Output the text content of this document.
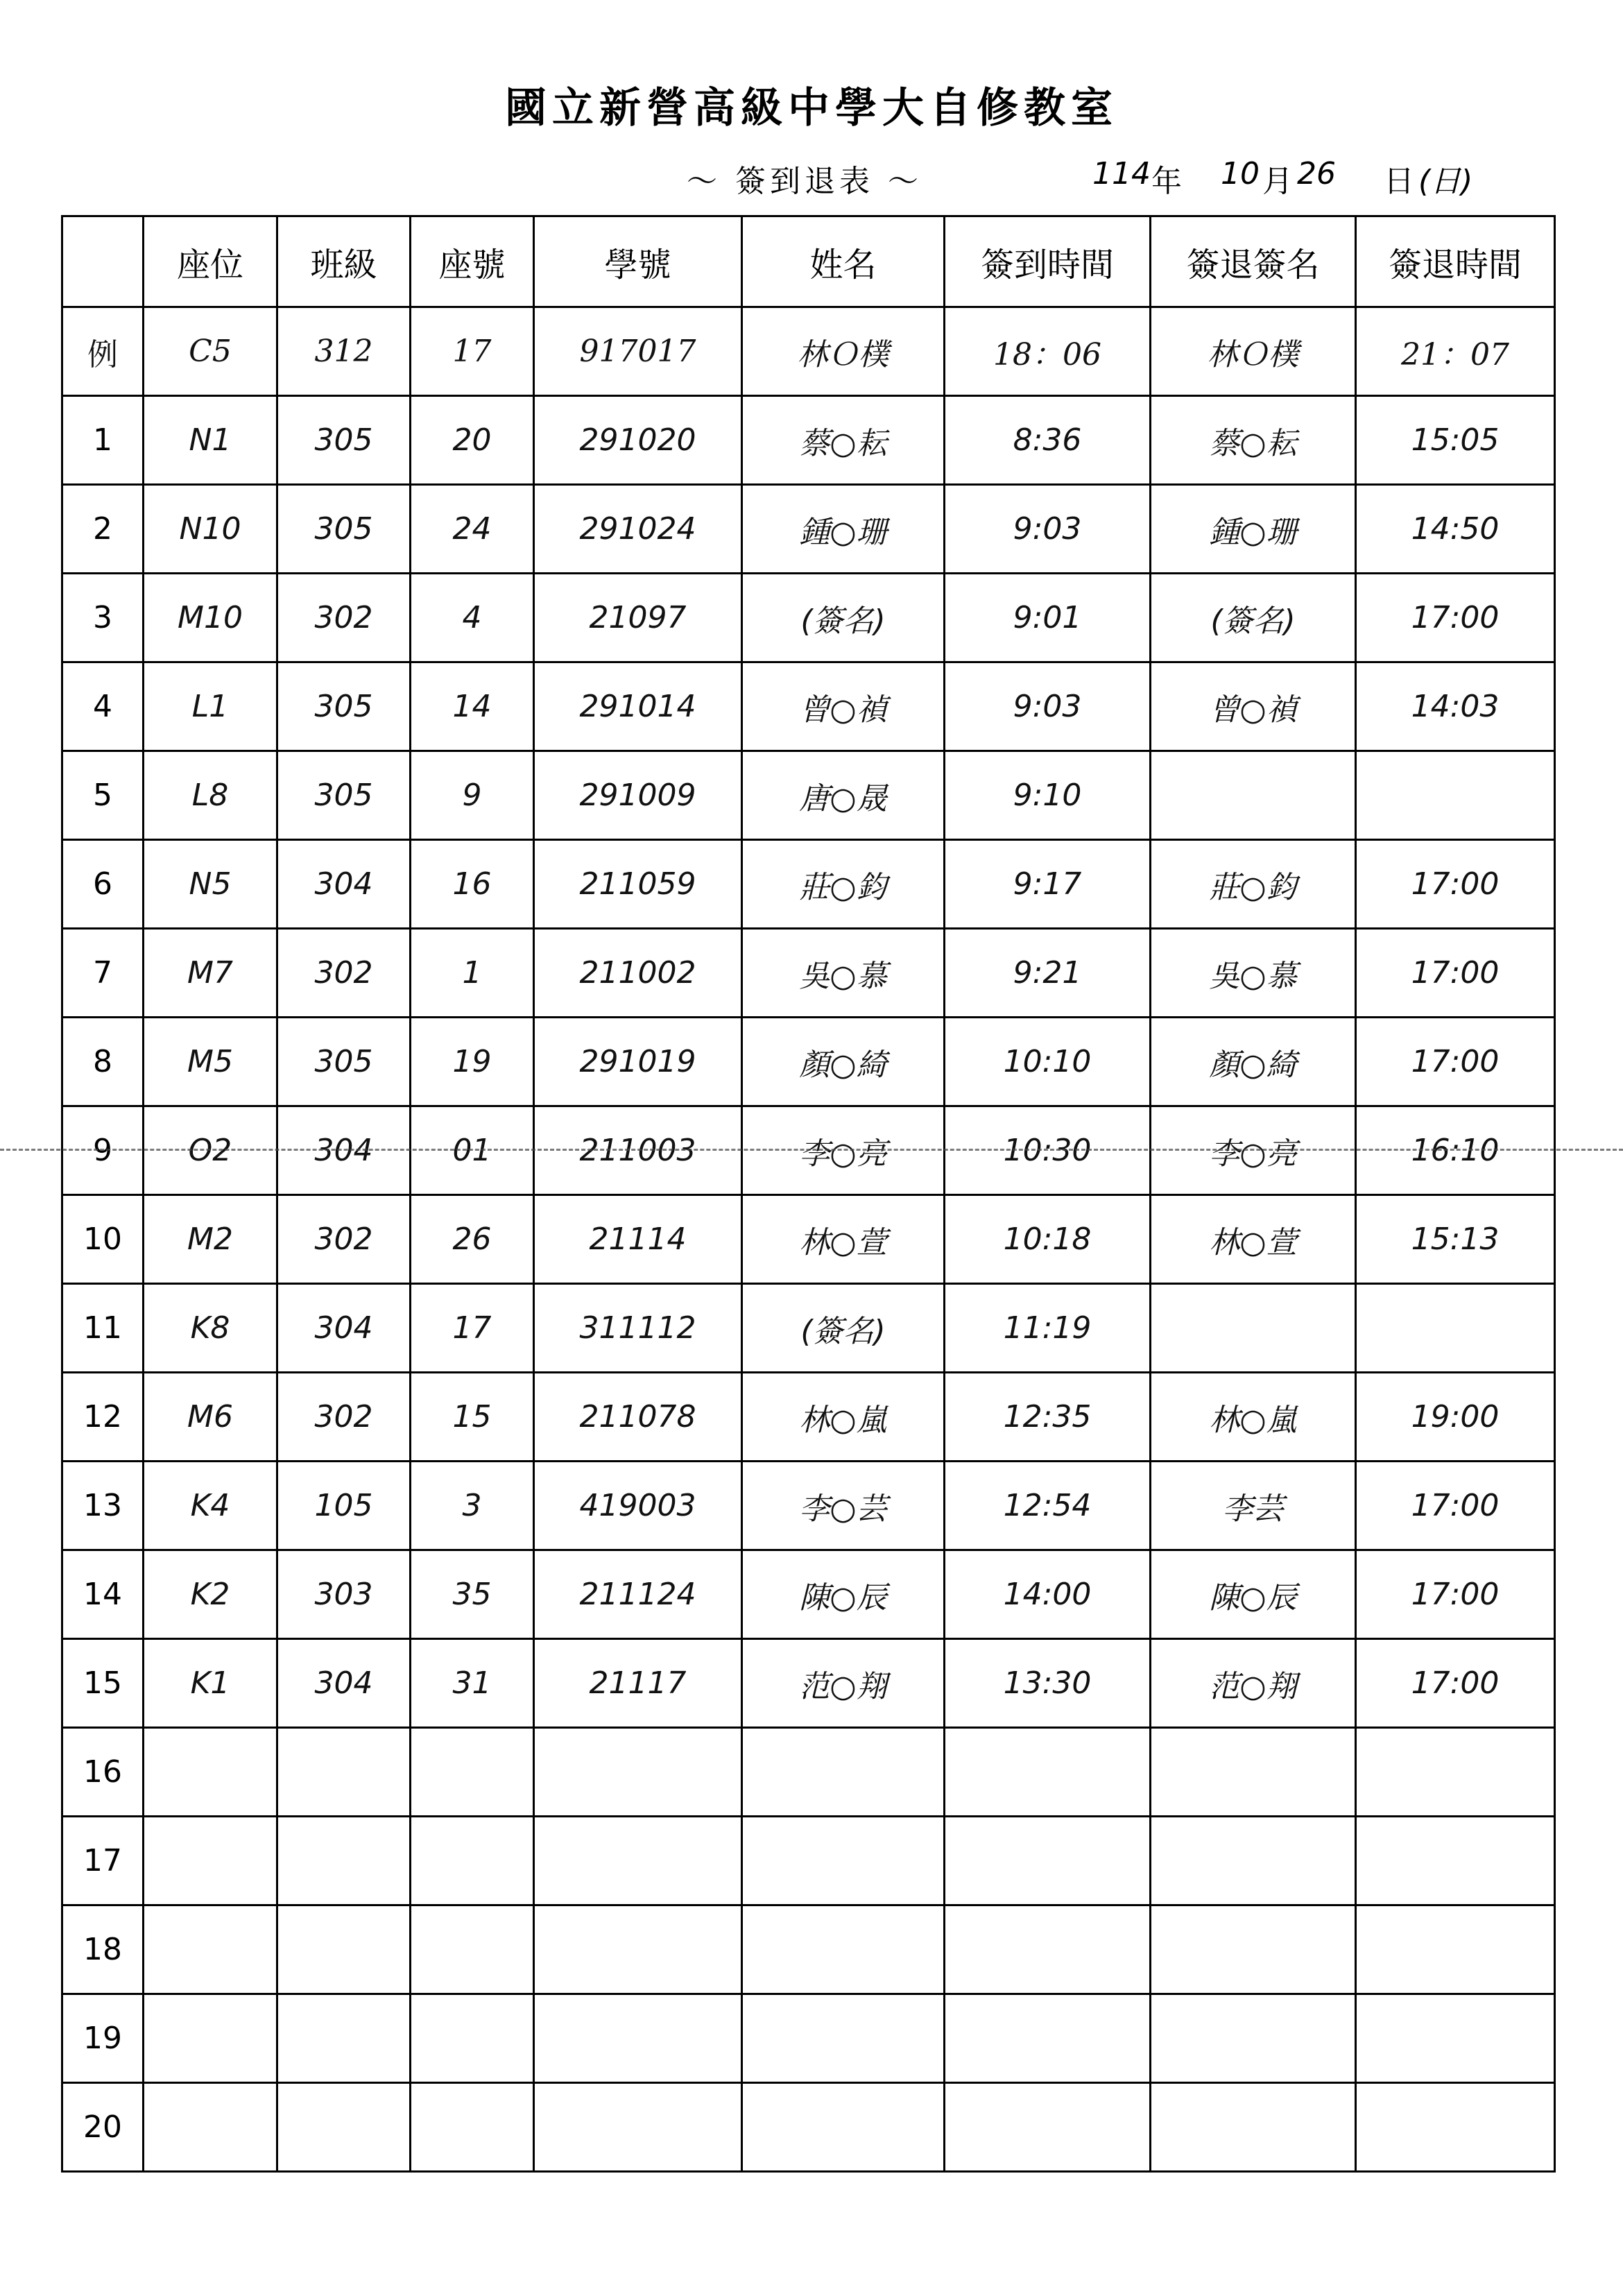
國立新營高級中學大自修教室
～ 簽到退表 ～	114 年 10 月 26 日 (日)
	座位	班級	座號	學號	姓名	簽到時間	簽退簽名	簽退時間
例	C5	312	17	917017	林Ｏ樸	18：06	林Ｏ樸	21：07
1	N1	305	20	291020	蔡○耘	8:36	蔡○耘	15:05
2	N10	305	24	291024	鍾○珊	9:03	鍾○珊	14:50
3	M10	302	4	21097	(簽名)	9:01	(簽名)	17:00
4	L1	305	14	291014	曾○禎	9:03	曾○禎	14:03
5	L8	305	9	291009	唐○晟	9:10		
6	N5	304	16	211059	莊○鈞	9:17	莊○鈞	17:00
7	M7	302	1	211002	吳○慕	9:21	吳○慕	17:00
8	M5	305	19	291019	顏○綺	10:10	顏○綺	17:00
9	O2	304	01	211003	李○亮	10:30	李○亮	16:10
10	M2	302	26	21114	林○萱	10:18	林○萱	15:13
11	K8	304	17	311112	(簽名)	11:19		
12	M6	302	15	211078	林○嵐	12:35	林○嵐	19:00
13	K4	105	3	419003	李○芸	12:54	李芸	17:00
14	K2	303	35	211124	陳○辰	14:00	陳○辰	17:00
15	K1	304	31	21117	范○翔	13:30	范○翔	17:00
16								
17								
18								
19								
20								
